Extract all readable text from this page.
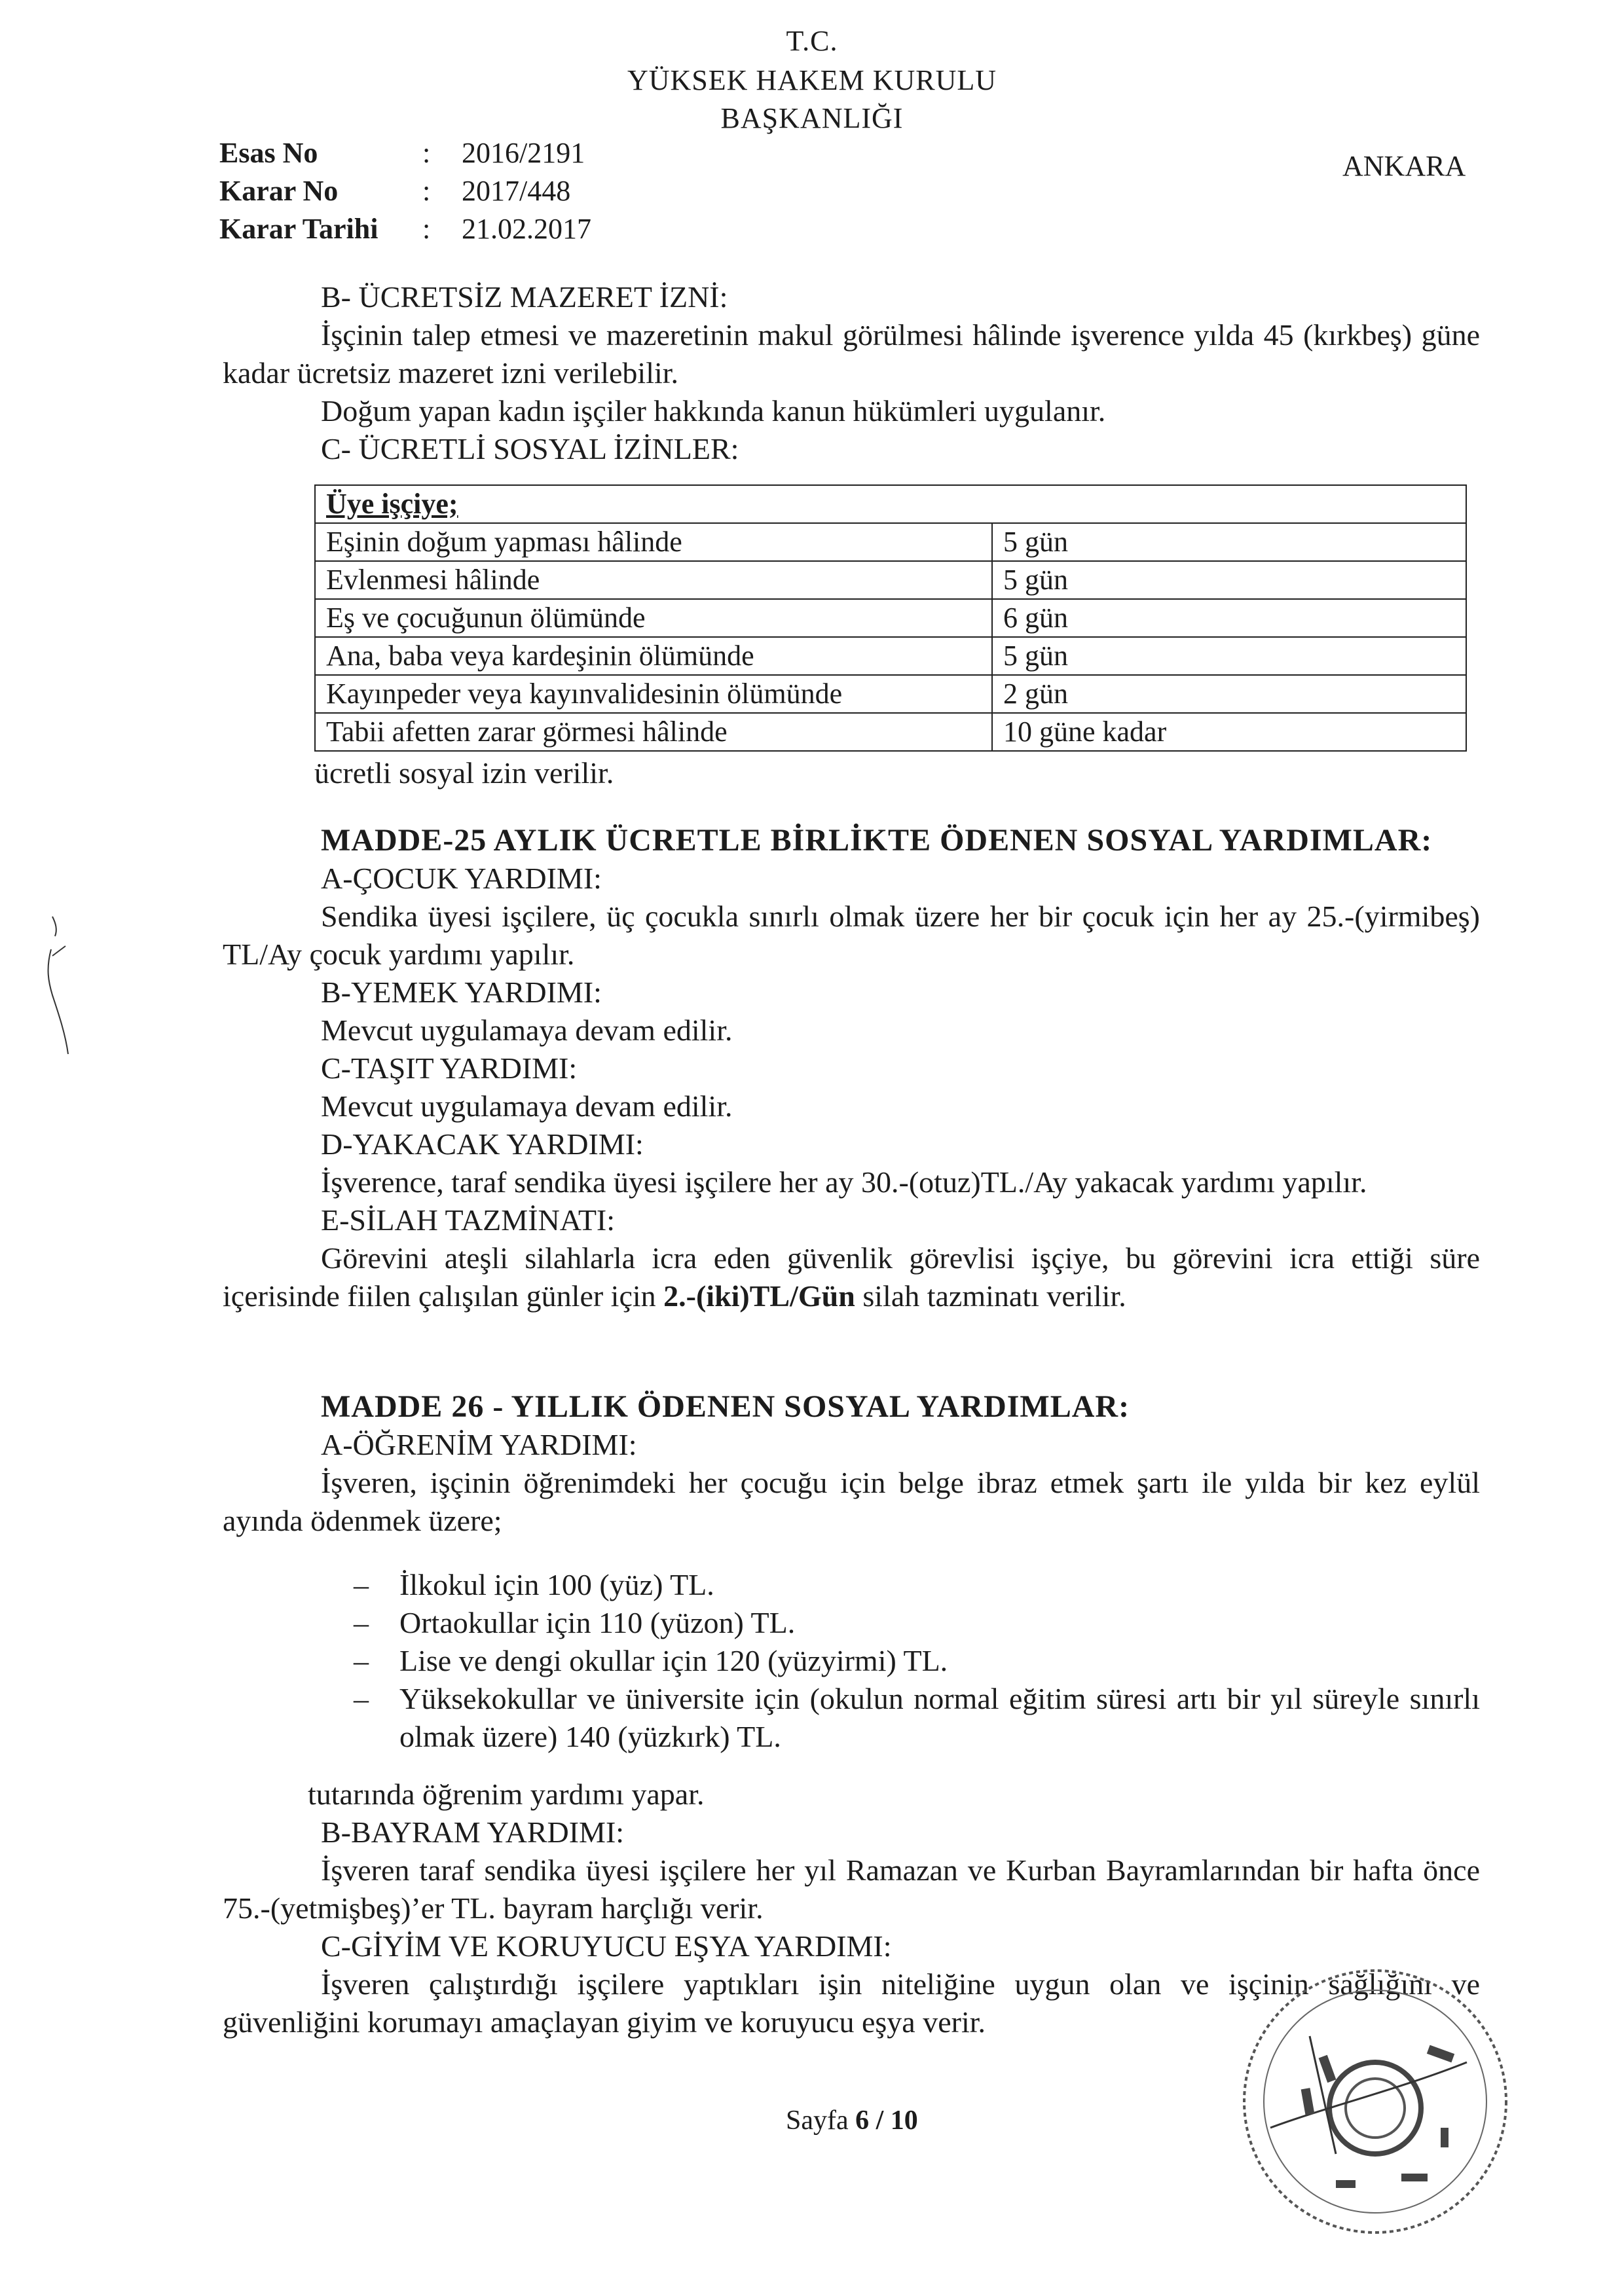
T.C.
YÜKSEK HAKEM KURULU
BAŞKANLIĞI
ANKARA
Esas No	: 2016/2191
Karar No	: 2017/448
Karar Tarihi : 21.02.2017
B- ÜCRETSİZ MAZERET İZNİ:
İşçinin talep etmesi ve mazeretinin makul görülmesi hâlinde işverence yılda 45 (kırkbeş) güne kadar ücretsiz mazeret izni verilebilir.
Doğum yapan kadın işçiler hakkında kanun hükümleri uygulanır.
C- ÜCRETLİ SOSYAL İZİNLER:
Üye işçiye;	
Eşinin doğum yapması hâlinde	5 gün
Evlenmesi hâlinde	5 gün
Eş ve çocuğunun ölümünde	6 gün
Ana, baba veya kardeşinin ölümünde	5 gün
Kayınpeder veya kayınvalidesinin ölümünde	2 gün
Tabii afetten zarar görmesi hâlinde	10 güne kadar
ücretli sosyal izin verilir.
MADDE-25 AYLIK ÜCRETLE BİRLİKTE ÖDENEN SOSYAL YARDIMLAR:
A-ÇOCUK YARDIMI:
Sendika üyesi işçilere, üç çocukla sınırlı olmak üzere her bir çocuk için her ay 25.-(yirmibeş) TL/Ay çocuk yardımı yapılır.
B-YEMEK YARDIMI:
Mevcut uygulamaya devam edilir.
C-TAŞIT YARDIMI:
Mevcut uygulamaya devam edilir.
D-YAKACAK YARDIMI:
İşverence, taraf sendika üyesi işçilere her ay 30.-(otuz)TL./Ay yakacak yardımı yapılır.
E-SİLAH TAZMİNATI:
Görevini ateşli silahlarla icra eden güvenlik görevlisi işçiye, bu görevini icra ettiği süre içerisinde fiilen çalışılan günler için 2.-(iki)TL/Gün silah tazminatı verilir.
MADDE 26 - YILLIK ÖDENEN SOSYAL YARDIMLAR:
A-ÖĞRENİM YARDIMI:
İşveren, işçinin öğrenimdeki her çocuğu için belge ibraz etmek şartı ile yılda bir kez eylül ayında ödenmek üzere;
– İlkokul için 100 (yüz) TL.
– Ortaokullar için 110 (yüzon) TL.
– Lise ve dengi okullar için 120 (yüzyirmi) TL.
– Yüksekokullar ve üniversite için (okulun normal eğitim süresi artı bir yıl süreyle sınırlı olmak üzere) 140 (yüzkırk) TL.
tutarında öğrenim yardımı yapar.
B-BAYRAM YARDIMI:
İşveren taraf sendika üyesi işçilere her yıl Ramazan ve Kurban Bayramlarından bir hafta önce 75.-(yetmişbeş)’er TL. bayram harçlığı verir.
C-GİYİM VE KORUYUCU EŞYA YARDIMI:
İşveren çalıştırdığı işçilere yaptıkları işin niteliğine uygun olan ve işçinin sağlığını ve güvenliğini korumayı amaçlayan giyim ve koruyucu eşya verir.
Sayfa 6 / 10
